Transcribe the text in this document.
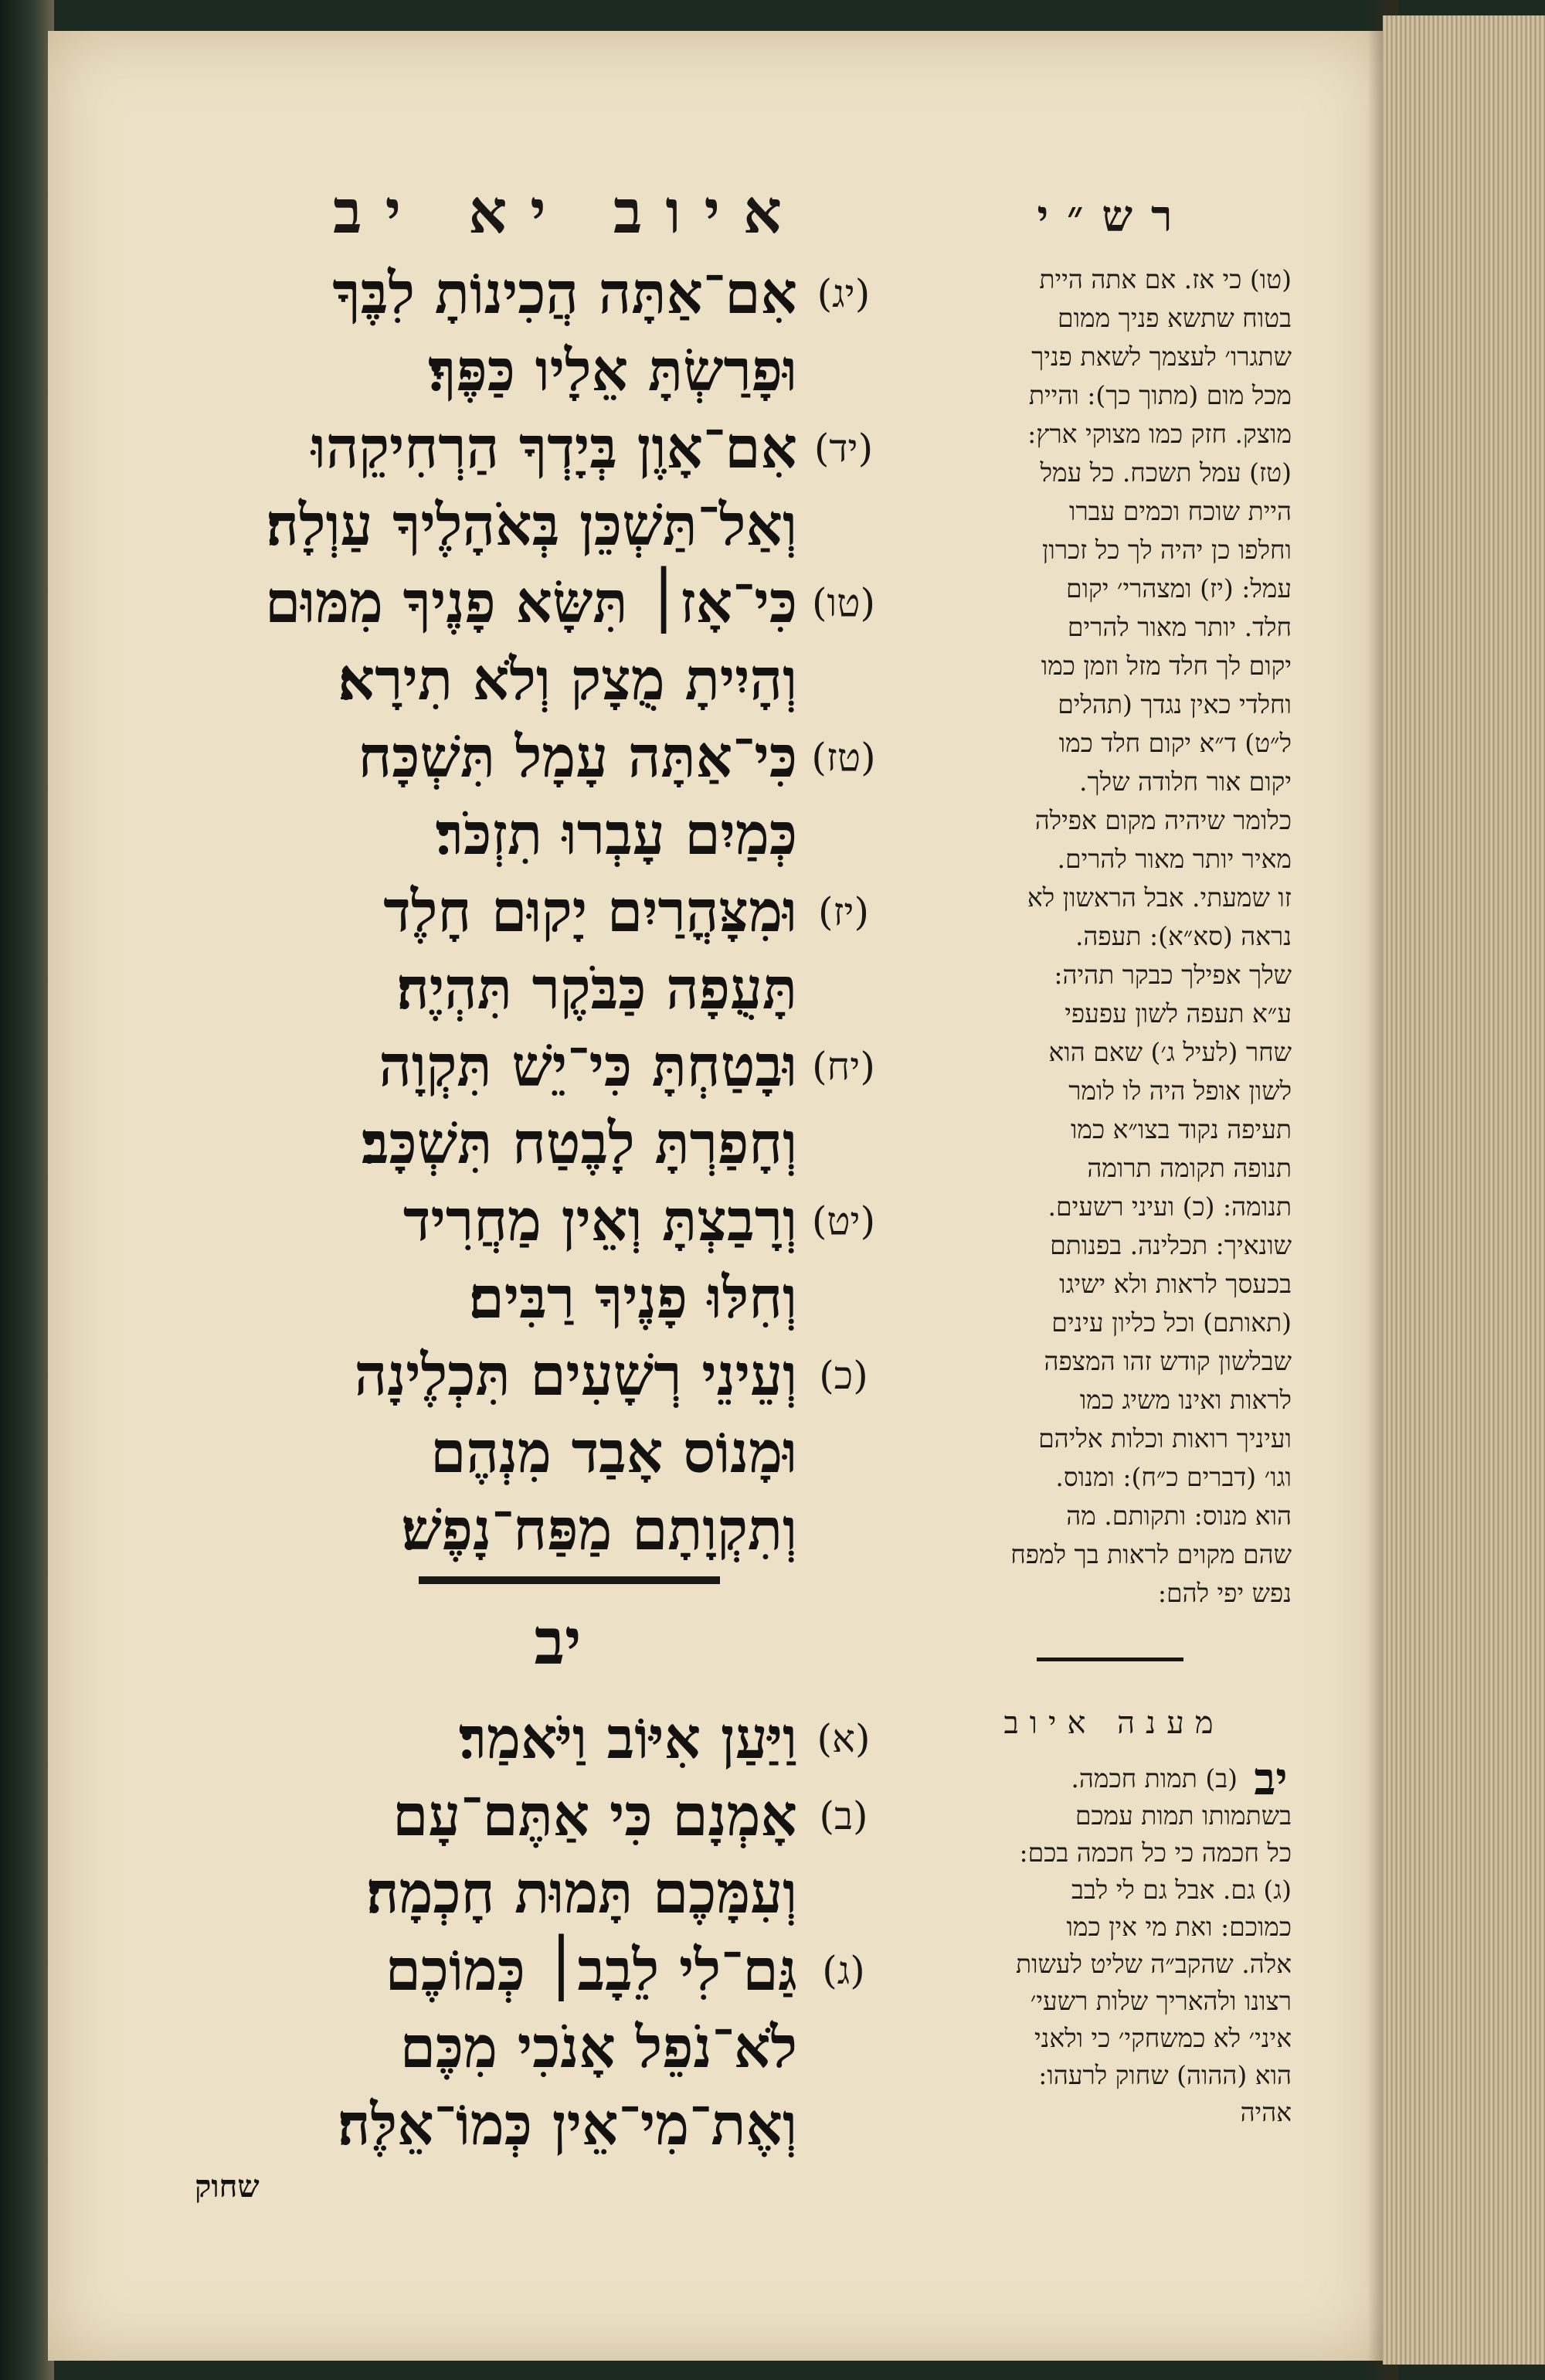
איוב יא יב
(יג)
אִם־אַתָּה הֲכִינוֹתָ לִבֶּךָ
וּפָרַשְׂתָּ אֵלָיו כַּפֶּךָ׃
(יד)
אִם־אָוֶן בְּיָדְךָ הַרְחִיקֵהוּ
וְאַל־תַּשְׁכֵּן בְּאֹהָלֶיךָ עַוְלָה׃
(טו)
כִּי־אָז׀ תִּשָּׂא פָנֶיךָ מִמּוּם
וְהָיִיתָ מֻצָק וְלֹא תִירָא׃
(טז)
כִּי־אַתָּה עָמָל תִּשְׁכָּח
כְּמַיִם עָבְרוּ תִזְכֹּר׃
(יז)
וּמִצָּהֳרַיִם יָקוּם חָלֶד
תָּעֻפָה כַּבֹּקֶר תִּהְיֶה׃
(יח)
וּבָטַחְתָּ כִּי־יֵשׁ תִּקְוָה
וְחָפַרְתָּ לָבֶטַח תִּשְׁכָּב׃
(יט)
וְרָבַצְתָּ וְאֵין מַחֲרִיד
וְחִלּוּ פָנֶיךָ רַבִּים׃
(כ)
וְעֵינֵי רְשָׁעִים תִּכְלֶינָה
וּמָנוֹס אָבַד מִנְהֶם
וְתִקְוָתָם מַפַּח־נָפֶשׁ׃
יב
(א)
וַיַּעַן אִיּוֹב וַיֹּאמַר׃
(ב)
אָמְנָם כִּי אַתֶּם־עָם
וְעִמָּכֶם תָּמוּת חָכְמָה׃
(ג)
גַּם־לִי לֵבָב׀ כְּמוֹכֶם
לֹא־נֹפֵל אָנֹכִי מִכֶּם
וְאֶת־מִי־אֵין כְּמוֹ־אֵלֶּה׃
שחוק
רש״י
(טו) כי אז. אם אתה היית
בטוח שתשא פניך ממום
שתגרו׳ לעצמך לשאת פניך
מכל מום (מתוך כך): והיית
מוצק. חזק כמו מצוקי ארץ:
(טז) עמל תשכח. כל עמל
היית שוכח וכמים עברו
וחלפו כן יהיה לך כל זכרון
עמל: (יז) ומצהרי׳ יקום
חלד. יותר מאור להרים
יקום לך חלד מזל וזמן כמו
וחלדי כאין נגדך (תהלים
ל״ט) ד״א יקום חלד כמו
יקום אור חלודה שלך.
כלומר שיהיה מקום אפילה
מאיר יותר מאור להרים.
זו שמעתי. אבל הראשון לא
נראה (סא״א): תעפה.
שלך אפילך כבקר תהיה:
ע״א תעפה לשון עפעפי
שחר (לעיל ג׳) שאם הוא
לשון אופל היה לו לומר
תעיפה נקוד בצו״א כמו
תנופה תקומה תרומה
תנומה: (כ) ועיני רשעים.
שונאיך: תכלינה. בפנותם
בכעסך לראות ולא ישיגו
(תאותם) וכל כליון עינים
שבלשון קודש זהו המצפה
לראות ואינו משיג כמו
ועיניך רואות וכלות אליהם
וגו׳ (דברים כ״ח): ומנוס.
הוא מנוס: ותקותם. מה
שהם מקוים לראות בך למפח
נפש יפי להם:
מענה איוב
יב
(ב) תמות חכמה.
בשתמותו תמות עמכם
כל חכמה כי כל חכמה בכם:
(ג) גם. אבל גם לי לבב
כמוכם: ואת מי אין כמו
אלה. שהקב״ה שליט לעשות
רצונו ולהאריך שלות רשעי׳
איני׳ לא כמשחקי׳ כי ולאני
הוא (ההוה) שחוק לרעהו:
אהיה
